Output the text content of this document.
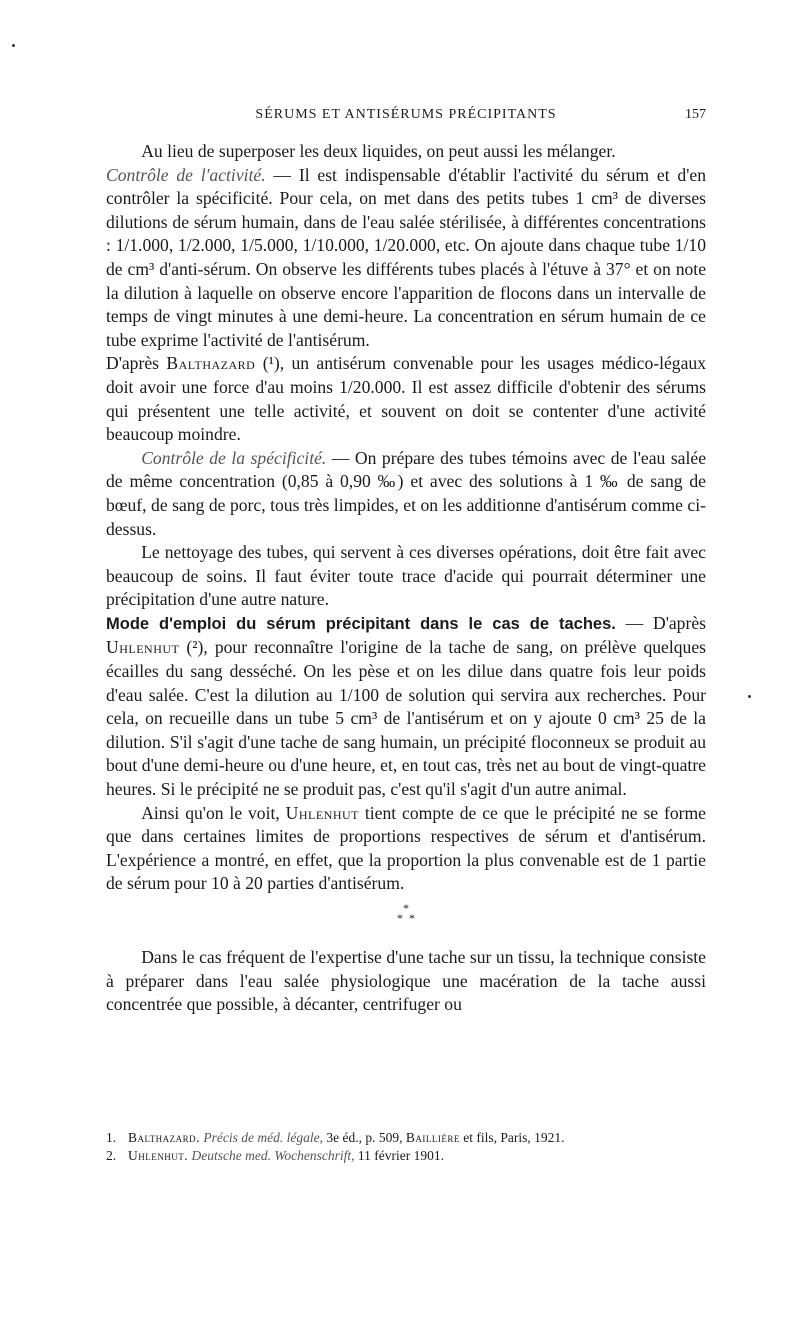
SÉRUMS ET ANTISÉRUMS PRÉCIPITANTS	157

Au lieu de superposer les deux liquides, on peut aussi les mélanger.

Contrôle de l'activité. — Il est indispensable d'établir l'activité du sérum et d'en contrôler la spécificité. Pour cela, on met dans des petits tubes 1 cm³ de diverses dilutions de sérum humain, dans de l'eau salée stérilisée, à différentes concentrations : 1/1.000, 1/2.000, 1/5.000, 1/10.000, 1/20.000, etc. On ajoute dans chaque tube 1/10 de cm³ d'anti-sérum. On observe les différents tubes placés à l'étuve à 37° et on note la dilution à laquelle on observe encore l'apparition de flocons dans un intervalle de temps de vingt minutes à une demi-heure. La concentration en sérum humain de ce tube exprime l'activité de l'antisérum.

D'après Balthazard (¹), un antisérum convenable pour les usages médico-légaux doit avoir une force d'au moins 1/20.000. Il est assez difficile d'obtenir des sérums qui présentent une telle activité, et souvent on doit se contenter d'une activité beaucoup moindre.

Contrôle de la spécificité. — On prépare des tubes témoins avec de l'eau salée de même concentration (0,85 à 0,90 ‰) et avec des solutions à 1 ‰ de sang de bœuf, de sang de porc, tous très limpides, et on les additionne d'antisérum comme ci-dessus.

Le nettoyage des tubes, qui servent à ces diverses opérations, doit être fait avec beaucoup de soins. Il faut éviter toute trace d'acide qui pourrait déterminer une précipitation d'une autre nature.

Mode d'emploi du sérum précipitant dans le cas de taches. — D'après Uhlenhut (²), pour reconnaître l'origine de la tache de sang, on prélève quelques écailles du sang desséché. On les pèse et on les dilue dans quatre fois leur poids d'eau salée. C'est la dilution au 1/100 de solution qui servira aux recherches. Pour cela, on recueille dans un tube 5 cm³ de l'antisérum et on y ajoute 0 cm³ 25 de la dilution. S'il s'agit d'une tache de sang humain, un précipité floconneux se produit au bout d'une demi-heure ou d'une heure, et, en tout cas, très net au bout de vingt-quatre heures. Si le précipité ne se produit pas, c'est qu'il s'agit d'un autre animal.

Ainsi qu'on le voit, Uhlenhut tient compte de ce que le précipité ne se forme que dans certaines limites de proportions respectives de sérum et d'antisérum. L'expérience a montré, en effet, que la proportion la plus convenable est de 1 partie de sérum pour 10 à 20 parties d'antisérum.

*
*  *

Dans le cas fréquent de l'expertise d'une tache sur un tissu, la technique consiste à préparer dans l'eau salée physiologique une macération de la tache aussi concentrée que possible, à décanter, centrifuger ou

1. Balthazard. Précis de méd. légale, 3e éd., p. 509, Baillière et fils, Paris, 1921.

2. Uhlenhut. Deutsche med. Wochenschrift, 11 février 1901.
